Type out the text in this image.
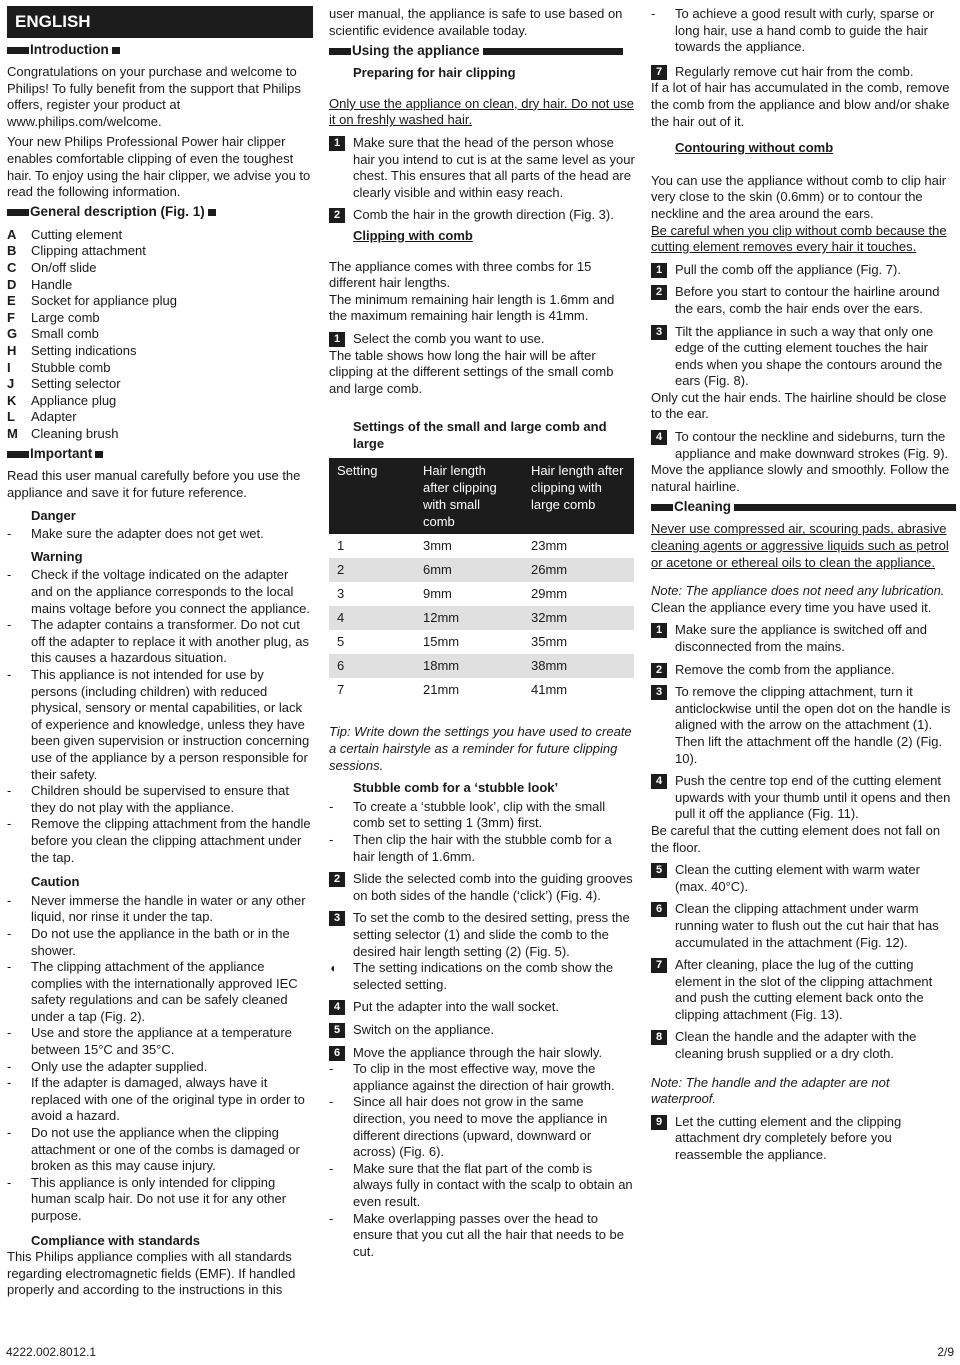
ENGLISH
Introduction

Congratulations on your purchase and welcome to Philips! To fully benefit from the support that Philips offers, register your product at www.philips.com/welcome.

Your new Philips Professional Power hair clipper enables comfortable clipping of even the toughest hair. To enjoy using the hair clipper, we advise you to read the following information.

General description (Fig. 1)
A	Cutting element
B	Clipping attachment
C	On/off slide
D	Handle
E	Socket for appliance plug
F	Large comb
G	Small comb
H	Setting indications
I	Stubble comb
J	Setting selector
K	Appliance plug
L	Adapter
M	Cleaning brush
Important

Read this user manual carefully before you use the appliance and save it for future reference.

Danger
-	Make sure the adapter does not get wet.
Warning
-	Check if the voltage indicated on the adapter and on the appliance corresponds to the local mains voltage before you connect the appliance.
-	The adapter contains a transformer. Do not cut off the adapter to replace it with another plug, as this causes a hazardous situation.
-	This appliance is not intended for use by persons (including children) with reduced physical, sensory or mental capabilities, or lack of experience and knowledge, unless they have been given supervision or instruction concerning use of the appliance by a person responsible for their safety.
-	Children should be supervised to ensure that they do not play with the appliance.
-	Remove the clipping attachment from the handle before you clean the clipping attachment under the tap.
Caution
-	Never immerse the handle in water or any other liquid, nor rinse it under the tap.
-	Do not use the appliance in the bath or in the shower.
-	The clipping attachment of the appliance complies with the internationally approved IEC safety regulations and can be safely cleaned under a tap (Fig. 2).
-	Use and store the appliance at a temperature between 15°C and 35°C.
-	Only use the adapter supplied.
-	If the adapter is damaged, always have it replaced with one of the original type in order to avoid a hazard.
-	Do not use the appliance when the clipping attachment or one of the combs is damaged or broken as this may cause injury.
-	This appliance is only intended for clipping human scalp hair. Do not use it for any other purpose.
Compliance with standards

This Philips appliance complies with all standards regarding electromagnetic fields (EMF). If handled properly and according to the instructions in this

user manual, the appliance is safe to use based on scientific evidence available today.

Using the appliance
Preparing for hair clipping

Only use the appliance on clean, dry hair. Do not use it on freshly washed hair.

1 Make sure that the head of the person whose hair you intend to cut is at the same level as your chest. This ensures that all parts of the head are clearly visible and within easy reach.
2 Comb the hair in the growth direction (Fig. 3).
Clipping with comb

The appliance comes with three combs for 15 different hair lengths.

The minimum remaining hair length is 1.6mm and the maximum remaining hair length is 41mm.

1 Select the comb you want to use.

The table shows how long the hair will be after clipping at the different settings of the small comb and large comb.

Settings of the small and large comb and large
Setting	Hair length after clipping with small comb	Hair length after clipping with large comb
1	3mm	23mm
2	6mm	26mm
3	9mm	29mm
4	12mm	32mm
5	15mm	35mm
6	18mm	38mm
7	21mm	41mm

Tip: Write down the settings you have used to create a certain hairstyle as a reminder for future clipping sessions.

Stubble comb for a ‘stubble look’
-	To create a ‘stubble look’, clip with the small comb set to setting 1 (3mm) first.
-	Then clip the hair with the stubble comb for a hair length of 1.6mm.
2 Slide the selected comb into the guiding grooves on both sides of the handle (‘click’) (Fig. 4).
3 To set the comb to the desired setting, press the setting selector (1) and slide the comb to the desired hair length setting (2) (Fig. 5).
◖	The setting indications on the comb show the selected setting.
4 Put the adapter into the wall socket.
5 Switch on the appliance.
6 Move the appliance through the hair slowly.
-	To clip in the most effective way, move the appliance against the direction of hair growth.
-	Since all hair does not grow in the same direction, you need to move the appliance in different directions (upward, downward or across) (Fig. 6).
-	Make sure that the flat part of the comb is always fully in contact with the scalp to obtain an even result.
-	Make overlapping passes over the head to ensure that you cut all the hair that needs to be cut.
-	To achieve a good result with curly, sparse or long hair, use a hand comb to guide the hair towards the appliance.
7 Regularly remove cut hair from the comb.

If a lot of hair has accumulated in the comb, remove the comb from the appliance and blow and/or shake the hair out of it.

Contouring without comb

You can use the appliance without comb to clip hair very close to the skin (0.6mm) or to contour the neckline and the area around the ears.

Be careful when you clip without comb because the cutting element removes every hair it touches.

1 Pull the comb off the appliance (Fig. 7).
2 Before you start to contour the hairline around the ears, comb the hair ends over the ears.
3 Tilt the appliance in such a way that only one edge of the cutting element touches the hair ends when you shape the contours around the ears (Fig. 8).

Only cut the hair ends. The hairline should be close to the ear.

4 To contour the neckline and sideburns, turn the appliance and make downward strokes (Fig. 9).

Move the appliance slowly and smoothly. Follow the natural hairline.

Cleaning

Never use compressed air, scouring pads, abrasive cleaning agents or aggressive liquids such as petrol or acetone or ethereal oils to clean the appliance.

Note: The appliance does not need any lubrication.

Clean the appliance every time you have used it.

1 Make sure the appliance is switched off and disconnected from the mains.
2 Remove the comb from the appliance.
3 To remove the clipping attachment, turn it anticlockwise until the open dot on the handle is aligned with the arrow on the attachment (1). Then lift the attachment off the handle (2) (Fig. 10).
4 Push the centre top end of the cutting element upwards with your thumb until it opens and then pull it off the appliance (Fig. 11).

Be careful that the cutting element does not fall on the floor.

5 Clean the cutting element with warm water (max. 40°C).
6 Clean the clipping attachment under warm running water to flush out the cut hair that has accumulated in the attachment (Fig. 12).
7 After cleaning, place the lug of the cutting element in the slot of the clipping attachment and push the cutting element back onto the clipping attachment (Fig. 13).
8 Clean the handle and the adapter with the cleaning brush supplied or a dry cloth.

Note: The handle and the adapter are not waterproof.

9 Let the cutting element and the clipping attachment dry completely before you reassemble the appliance.
4222.002.8012.1	2/9
